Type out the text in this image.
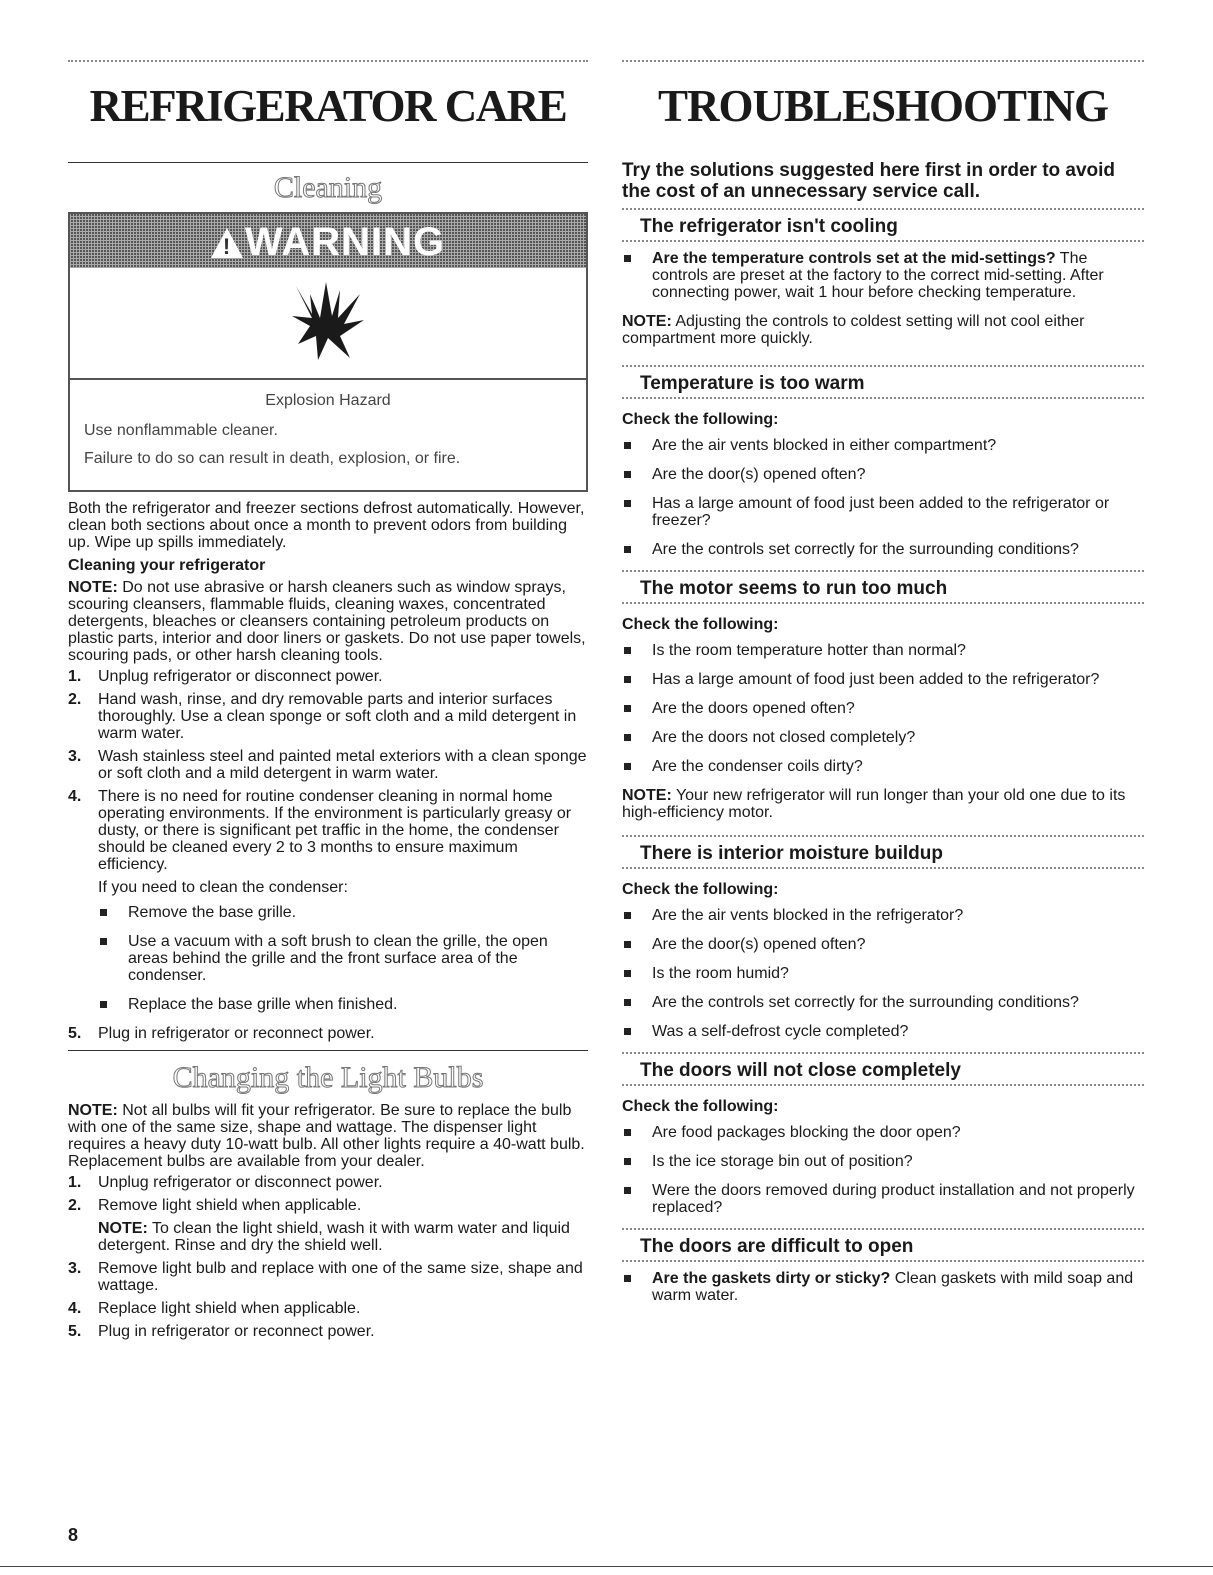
REFRIGERATOR CARE
Cleaning
!WARNING
Explosion Hazard

Use nonflammable cleaner.

Failure to do so can result in death, explosion, or fire.

Both the refrigerator and freezer sections defrost automatically. However, clean both sections about once a month to prevent odors from building up. Wipe up spills immediately.

Cleaning your refrigerator

NOTE: Do not use abrasive or harsh cleaners such as window sprays, scouring cleansers, flammable fluids, cleaning waxes, concentrated detergents, bleaches or cleansers containing petroleum products on plastic parts, interior and door liners or gaskets. Do not use paper towels, scouring pads, or other harsh cleaning tools.

1. Unplug refrigerator or disconnect power.
2. Hand wash, rinse, and dry removable parts and interior surfaces thoroughly. Use a clean sponge or soft cloth and a mild detergent in warm water.
3. Wash stainless steel and painted metal exteriors with a clean sponge or soft cloth and a mild detergent in warm water.
4. There is no need for routine condenser cleaning in normal home operating environments. If the environment is particularly greasy or dusty, or there is significant pet traffic in the home, the condenser should be cleaned every 2 to 3 months to ensure maximum efficiency.

If you need to clean the condenser:

Remove the base grille.
Use a vacuum with a soft brush to clean the grille, the open areas behind the grille and the front surface area of the condenser.
Replace the base grille when finished.
5. Plug in refrigerator or reconnect power.
Changing the Light Bulbs

NOTE: Not all bulbs will fit your refrigerator. Be sure to replace the bulb with one of the same size, shape and wattage. The dispenser light requires a heavy duty 10-watt bulb. All other lights require a 40-watt bulb. Replacement bulbs are available from your dealer.

1. Unplug refrigerator or disconnect power.
2. Remove light shield when applicable.

NOTE: To clean the light shield, wash it with warm water and liquid detergent. Rinse and dry the shield well.

3. Remove light bulb and replace with one of the same size, shape and wattage.
4. Replace light shield when applicable.
5. Plug in refrigerator or reconnect power.
TROUBLESHOOTING

Try the solutions suggested here first in order to avoid the cost of an unnecessary service call.

The refrigerator isn't cooling
Are the temperature controls set at the mid-settings? The controls are preset at the factory to the correct mid-setting. After connecting power, wait 1 hour before checking temperature.

NOTE: Adjusting the controls to coldest setting will not cool either compartment more quickly.

Temperature is too warm
Check the following:
Are the air vents blocked in either compartment?
Are the door(s) opened often?
Has a large amount of food just been added to the refrigerator or freezer?
Are the controls set correctly for the surrounding conditions?
The motor seems to run too much
Check the following:
Is the room temperature hotter than normal?
Has a large amount of food just been added to the refrigerator?
Are the doors opened often?
Are the doors not closed completely?
Are the condenser coils dirty?

NOTE: Your new refrigerator will run longer than your old one due to its high-efficiency motor.

There is interior moisture buildup
Check the following:
Are the air vents blocked in the refrigerator?
Are the door(s) opened often?
Is the room humid?
Are the controls set correctly for the surrounding conditions?
Was a self-defrost cycle completed?
The doors will not close completely
Check the following:
Are food packages blocking the door open?
Is the ice storage bin out of position?
Were the doors removed during product installation and not properly replaced?
The doors are difficult to open
Are the gaskets dirty or sticky? Clean gaskets with mild soap and warm water.
8
